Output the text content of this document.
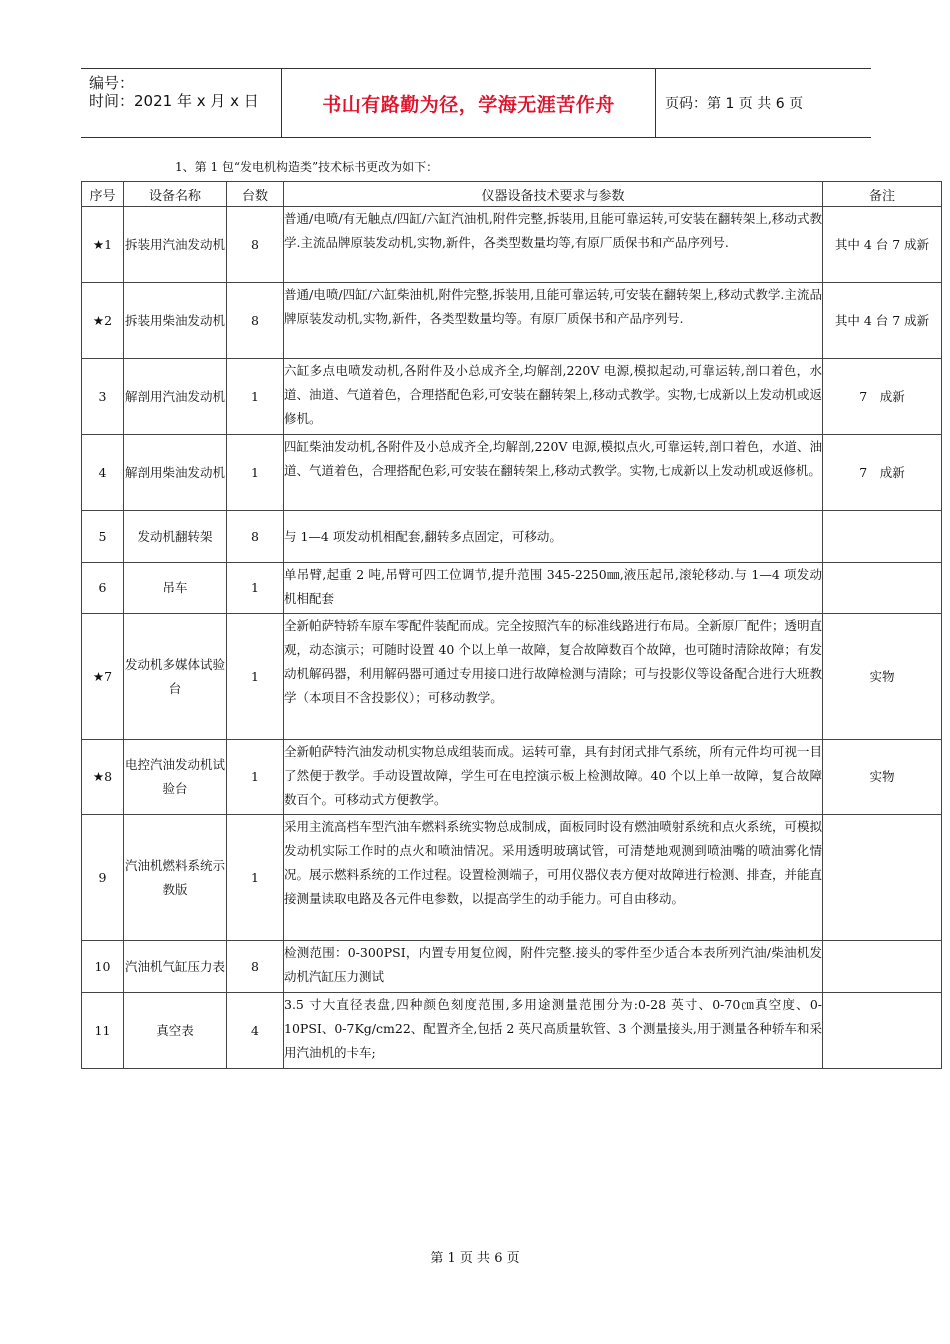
编号：
时间：2021 年 x 月 x 日	书山有路勤为径，学海无涯苦作舟	页码：第 1 页 共 6 页
1、第 1 包“发电机构造类”技术标书更改为如下：
序号	设备名称	台数	仪器设备技术要求与参数	备注
★1	拆装用汽油发动机	8	普通/电喷/有无触点/四缸/六缸汽油机,附件完整,拆装用,且能可靠运转,可安装在翻转架上,移动式教学.主流品牌原装发动机,实物,新件，各类型数量均等,有原厂质保书和产品序列号.	其中 4 台 7 成新
★2	拆装用柴油发动机	8	普通/电喷/四缸/六缸柴油机,附件完整,拆装用,且能可靠运转,可安装在翻转架上,移动式教学.主流品牌原装发动机,实物,新件，各类型数量均等。有原厂质保书和产品序列号.	其中 4 台 7 成新
3	解剖用汽油发动机	1	六缸多点电喷发动机,各附件及小总成齐全,均解剖,220V 电源,模拟起动,可靠运转,剖口着色，水道、油道、气道着色，合理搭配色彩,可安装在翻转架上,移动式教学。实物,七成新以上发动机或返修机。	7　成新
4	解剖用柴油发动机	1	四缸柴油发动机,各附件及小总成齐全,均解剖,220V 电源,模拟点火,可靠运转,剖口着色，水道、油道、气道着色，合理搭配色彩,可安装在翻转架上,移动式教学。实物,七成新以上发动机或返修机。	7　成新
5	发动机翻转架	8	与 1—4 项发动机相配套,翻转多点固定，可移动。	
6	吊车	1	单吊臂,起重 2 吨,吊臂可四工位调节,提升范围 345-2250㎜,液压起吊,滚轮移动.与 1—4 项发动机相配套	
★7	发动机多媒体试验台	1	全新帕萨特轿车原车零配件装配而成。完全按照汽车的标准线路进行布局。全新原厂配件；透明直观，动态演示；可随时设置 40 个以上单一故障，复合故障数百个故障，也可随时清除故障；有发动机解码器，利用解码器可通过专用接口进行故障检测与清除；可与投影仪等设备配合进行大班教学（本项目不含投影仪）；可移动教学。	实物
★8	电控汽油发动机试验台	1	全新帕萨特汽油发动机实物总成组装而成。运转可靠，具有封闭式排气系统，所有元件均可视一目了然便于教学。手动设置故障，学生可在电控演示板上检测故障。40 个以上单一故障，复合故障数百个。可移动式方便教学。	实物
9	汽油机燃料系统示教版	1	采用主流高档车型汽油车燃料系统实物总成制成，面板同时设有燃油喷射系统和点火系统，可模拟发动机实际工作时的点火和喷油情况。采用透明玻璃试管，可清楚地观测到喷油嘴的喷油雾化情况。展示燃料系统的工作过程。设置检测端子，可用仪器仪表方便对故障进行检测、排查，并能直接测量读取电路及各元件电参数，以提高学生的动手能力。可自由移动。	
10	汽油机气缸压力表	8	检测范围：0-300PSI，内置专用复位阀，附件完整.接头的零件至少适合本表所列汽油/柴油机发动机汽缸压力测试	
11	真空表	4	3.5 寸大直径表盘,四种颜色刻度范围,多用途测量范围分为:0-28 英寸、0-70㎝真空度、0-10PSI、0-7Kg/cm22、配置齐全,包括 2 英尺高质量软管、3 个测量接头,用于测量各种轿车和采用汽油机的卡车;	
第 1 页 共 6 页
